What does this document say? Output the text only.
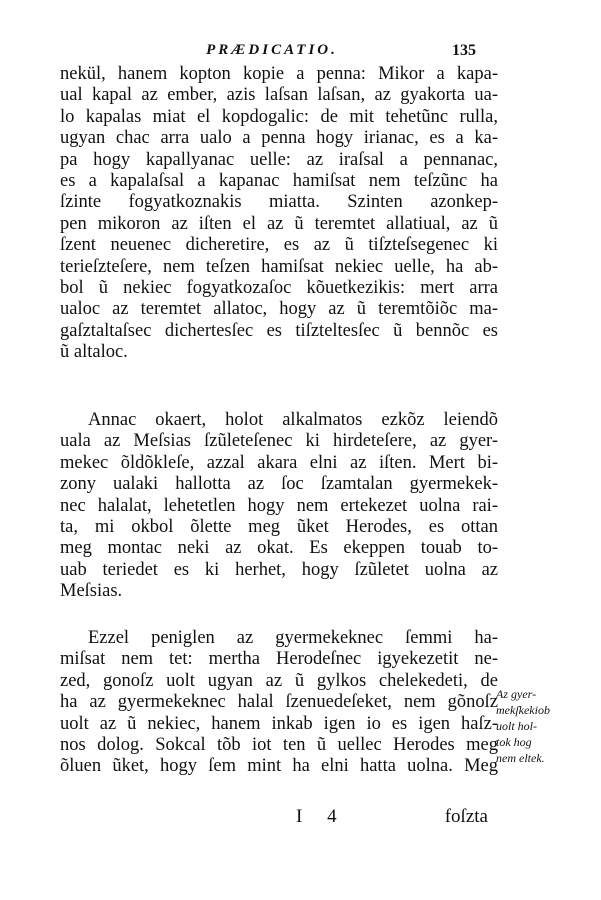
PRÆDICATIO.	135
nekül, hanem kopton kopie a penna: Mikor a kapa-
ual kapal az ember, azis laſsan laſsan, az gyakorta ua-
lo kapalas miat el kopdogalic: de mit tehetũnc rulla,
ugyan chac arra ualo a penna hogy irianac, es a ka-
pa hogy kapallyanac uelle: az iraſsal a pennanac,
es a kapalaſsal a kapanac hamiſsat nem teſzũnc ha
ſzinte fogyatkoznakis miatta. Szinten azonkep-
pen mikoron az iſten el az ũ teremtet allatiual, az ũ
ſzent neuenec dicheretire, es az ũ tiſzteſsegenec ki
terieſzteſere, nem teſzen hamiſsat nekiec uelle, ha ab-
bol ũ nekiec fogyatkozaſoc kõuetkezikis: mert arra
ualoc az teremtet allatoc, hogy az ũ teremtõiõc ma-
gaſztaltaſsec dichertesſec es tiſzteltesſec ũ bennõc es
ũ altaloc.
Annac okaert, holot alkalmatos ezkõz leiendõ
uala az Meſsias ſzũleteſenec ki hirdeteſere, az gyer-
mekec õldõkleſe, azzal akara elni az iſten. Mert bi-
zony ualaki hallotta az ſoc ſzamtalan gyermekek-
nec halalat, lehetetlen hogy nem ertekezet uolna rai-
ta, mi okbol õlette meg ũket Herodes, es ottan
meg montac neki az okat. Es ekeppen touab to-
uab teriedet es ki herhet, hogy ſzũletet uolna az
Meſsias.
Ezzel peniglen az gyermekeknec ſemmi ha-
miſsat nem tet: mertha Herodeſnec igyekezetit ne-
zed, gonoſz uolt ugyan az ũ gylkos chelekedeti, de
ha az gyermekeknec halal ſzenuedeſeket, nem gõnoſz
uolt az ũ nekiec, hanem inkab igen io es igen haſz-
nos dolog. Sokcal tõb iot ten ũ uellec Herodes meg
õluen ũket, hogy ſem mint ha elni hatta uolna. Meg
Az gyer-
mekſkekiob
uolt hol-
tok hog
nem eltek.
I 4	foſzta
